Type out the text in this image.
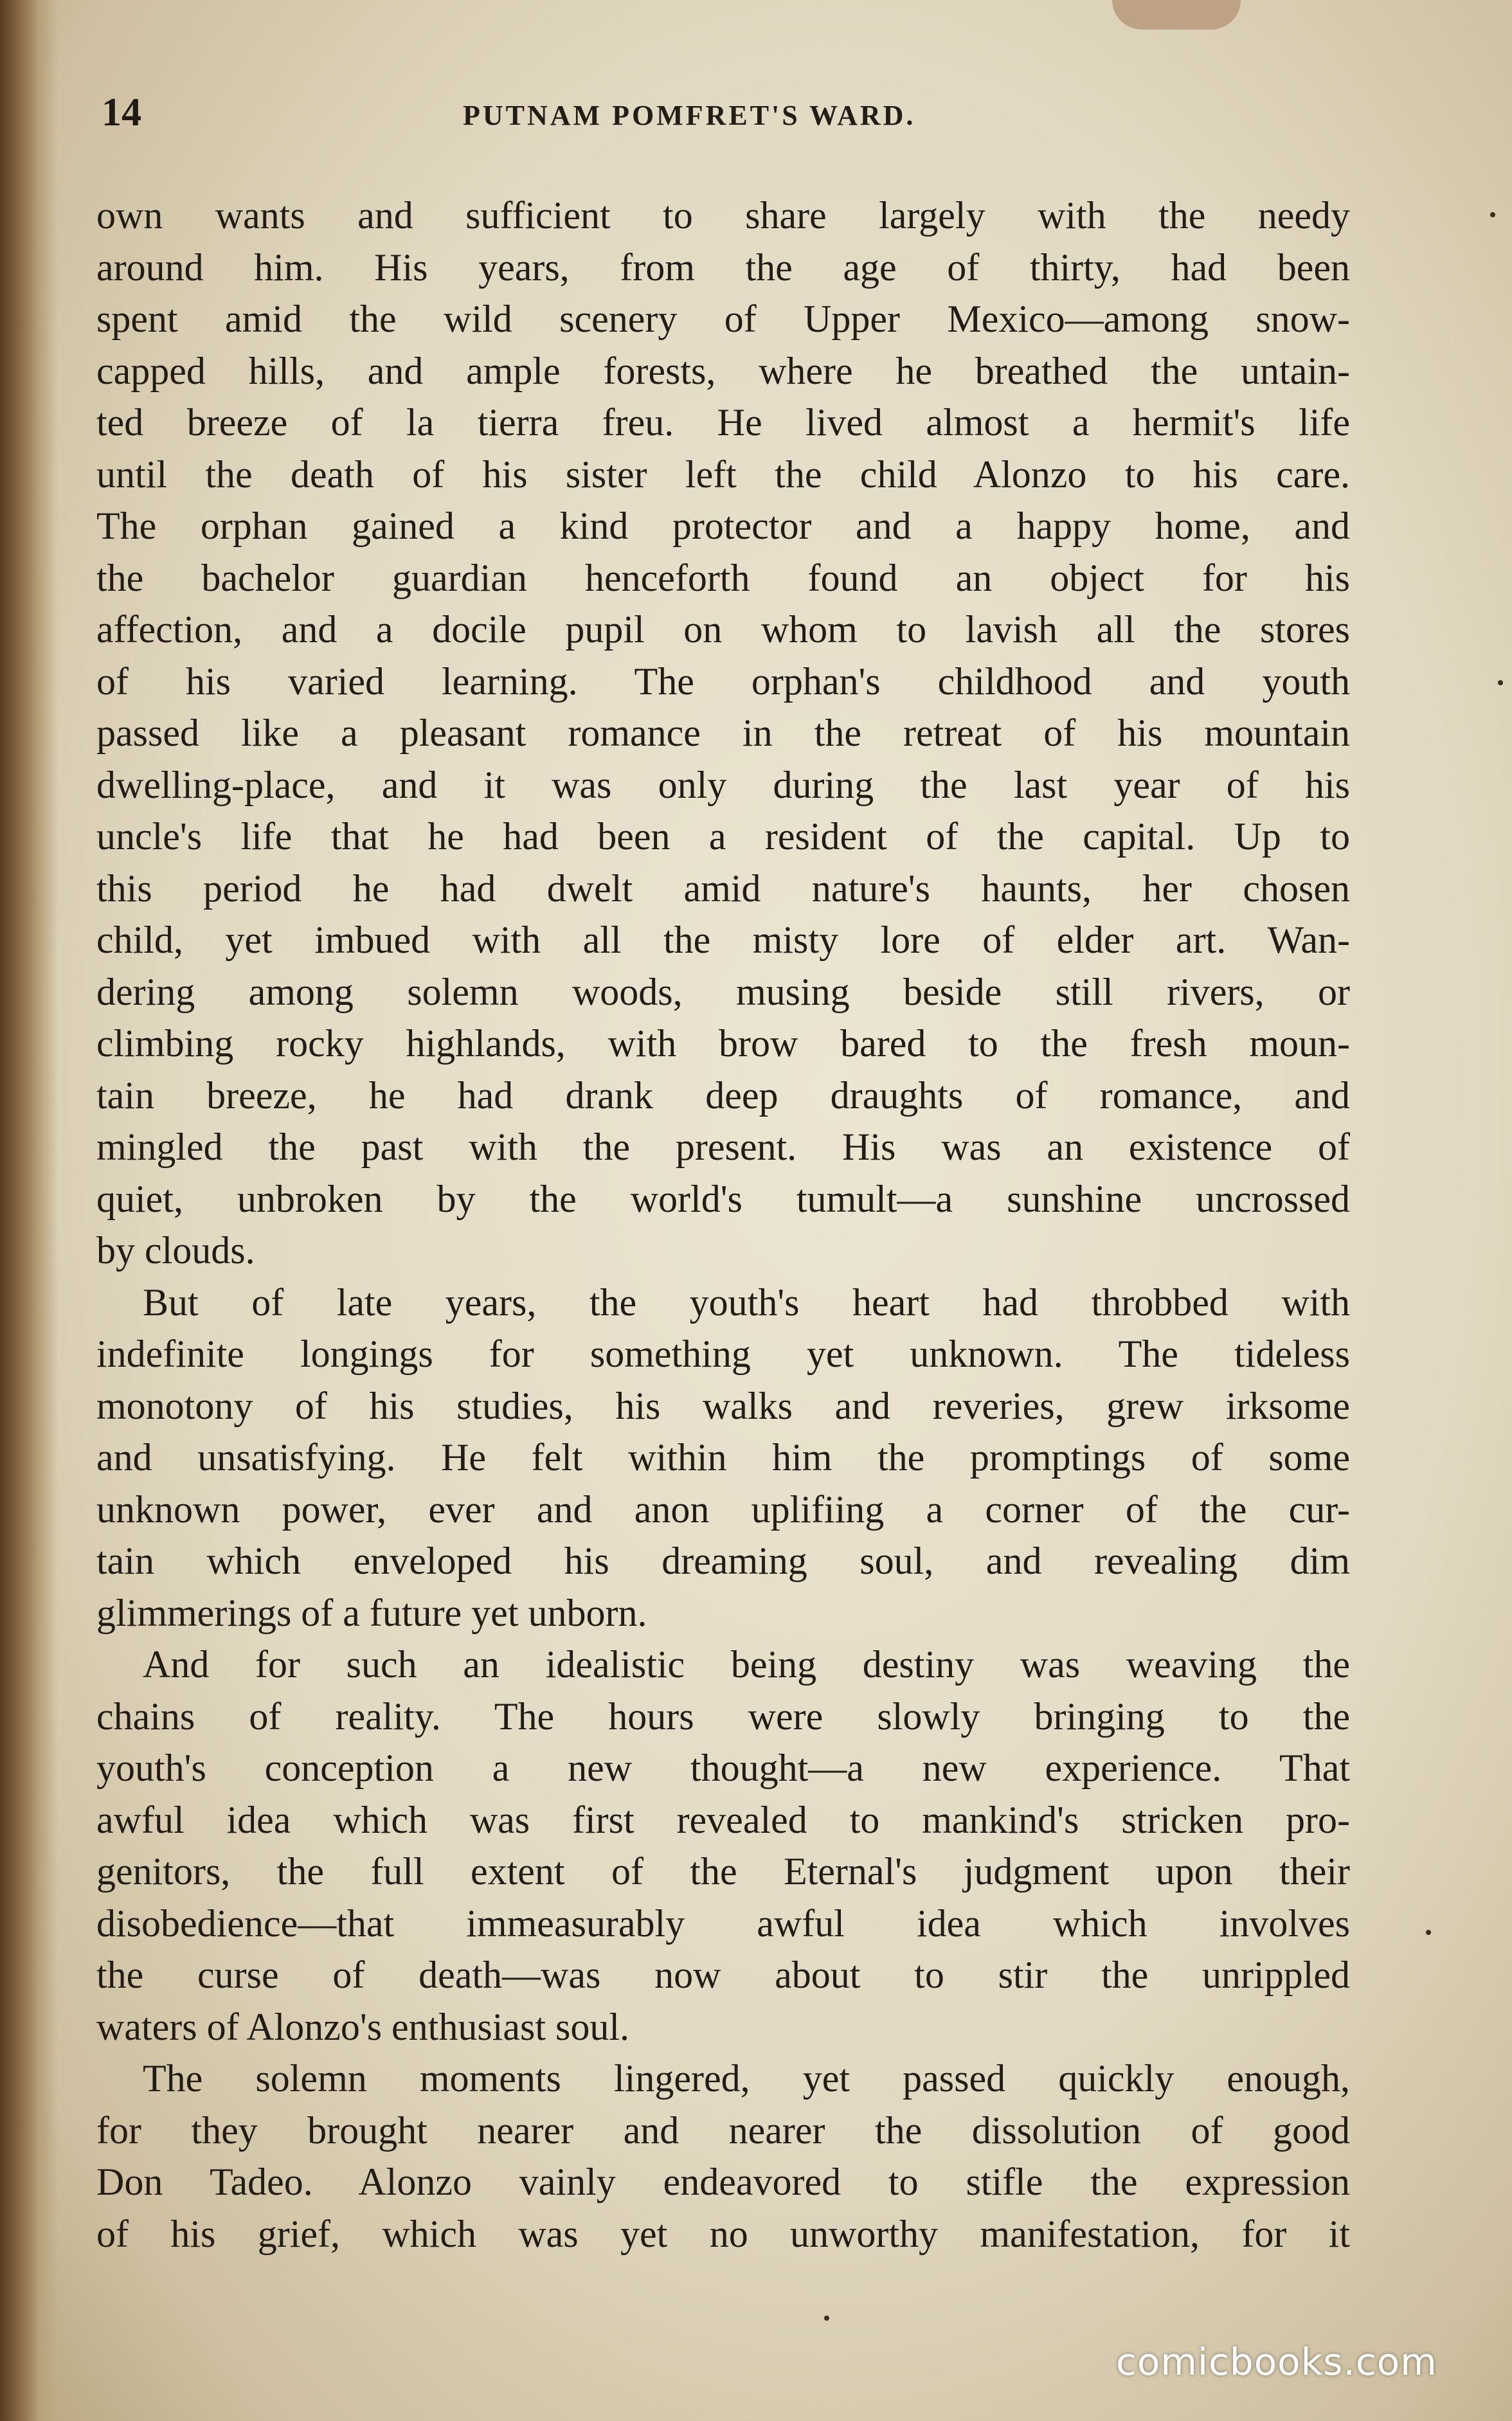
14	PUTNAM POMFRET'S WARD.
own wants and sufficient to share largely with the needy
around him. His years, from the age of thirty, had been
spent amid the wild scenery of Upper Mexico—among snow-
capped hills, and ample forests, where he breathed the untain-
ted breeze of la tierra freu. He lived almost a hermit's life
until the death of his sister left the child Alonzo to his care.
The orphan gained a kind protector and a happy home, and
the bachelor guardian henceforth found an object for his
affection, and a docile pupil on whom to lavish all the stores
of his varied learning. The orphan's childhood and youth
passed like a pleasant romance in the retreat of his mountain
dwelling-place, and it was only during the last year of his
uncle's life that he had been a resident of the capital. Up to
this period he had dwelt amid nature's haunts, her chosen
child, yet imbued with all the misty lore of elder art. Wan-
dering among solemn woods, musing beside still rivers, or
climbing rocky highlands, with brow bared to the fresh moun-
tain breeze, he had drank deep draughts of romance, and
mingled the past with the present. His was an existence of
quiet, unbroken by the world's tumult—a sunshine uncrossed
by clouds.
But of late years, the youth's heart had throbbed with
indefinite longings for something yet unknown. The tideless
monotony of his studies, his walks and reveries, grew irksome
and unsatisfying. He felt within him the promptings of some
unknown power, ever and anon uplifiing a corner of the cur-
tain which enveloped his dreaming soul, and revealing dim
glimmerings of a future yet unborn.
And for such an idealistic being destiny was weaving the
chains of reality. The hours were slowly bringing to the
youth's conception a new thought—a new experience. That
awful idea which was first revealed to mankind's stricken pro-
genitors, the full extent of the Eternal's judgment upon their
disobedience—that immeasurably awful idea which involves
the curse of death—was now about to stir the unrippled
waters of Alonzo's enthusiast soul.
The solemn moments lingered, yet passed quickly enough,
for they brought nearer and nearer the dissolution of good
Don Tadeo. Alonzo vainly endeavored to stifle the expression
of his grief, which was yet no unworthy manifestation, for it
comicbooks.com
